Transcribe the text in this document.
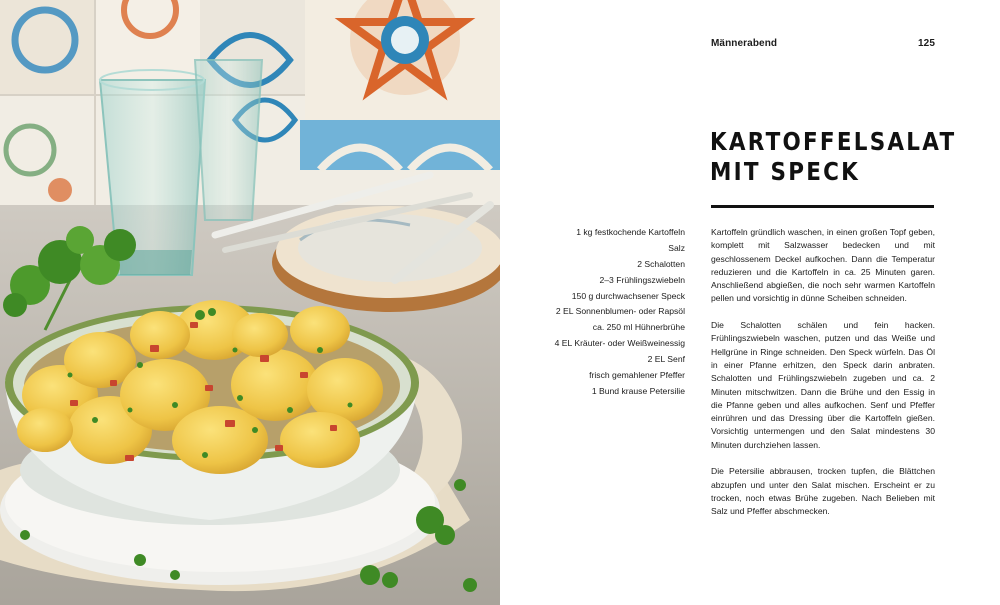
Männerabend	125
KARTOFFELSALAT
MIT SPECK
1 kg festkochende Kartoffeln
Salz
2 Schalotten
2–3 Frühlingszwiebeln
150 g durchwachsener Speck
2 EL Sonnenblumen- oder Rapsöl
ca. 250 ml Hühnerbrühe
4 EL Kräuter- oder Weißweinessig
2 EL Senf
frisch gemahlener Pfeffer
1 Bund krause Petersilie

Kartoffeln gründlich waschen, in einen großen Topf geben, komplett mit Salzwasser bedecken und mit geschlossenem Deckel aufkochen. Dann die Temperatur reduzieren und die Kartoffeln in ca. 25 Minuten garen. Anschließend abgießen, die noch sehr warmen Kartoffeln pellen und vorsichtig in dünne Scheiben schneiden.

Die Schalotten schälen und fein hacken. Frühlingszwiebeln waschen, putzen und das Weiße und Hellgrüne in Ringe schneiden. Den Speck würfeln. Das Öl in einer Pfanne erhitzen, den Speck darin anbraten. Schalotten und Frühlingszwiebeln zugeben und ca. 2 Minuten mitschwitzen. Dann die Brühe und den Essig in die Pfanne geben und alles aufkochen. Senf und Pfeffer einrühren und das Dressing über die Kartoffeln gießen. Vorsichtig untermengen und den Salat mindestens 30 Minuten durchziehen lassen.

Die Petersilie abbrausen, trocken tupfen, die Blättchen abzupfen und unter den Salat mischen. Erscheint er zu trocken, noch etwas Brühe zugeben. Nach Belieben mit Salz und Pfeffer abschmecken.
